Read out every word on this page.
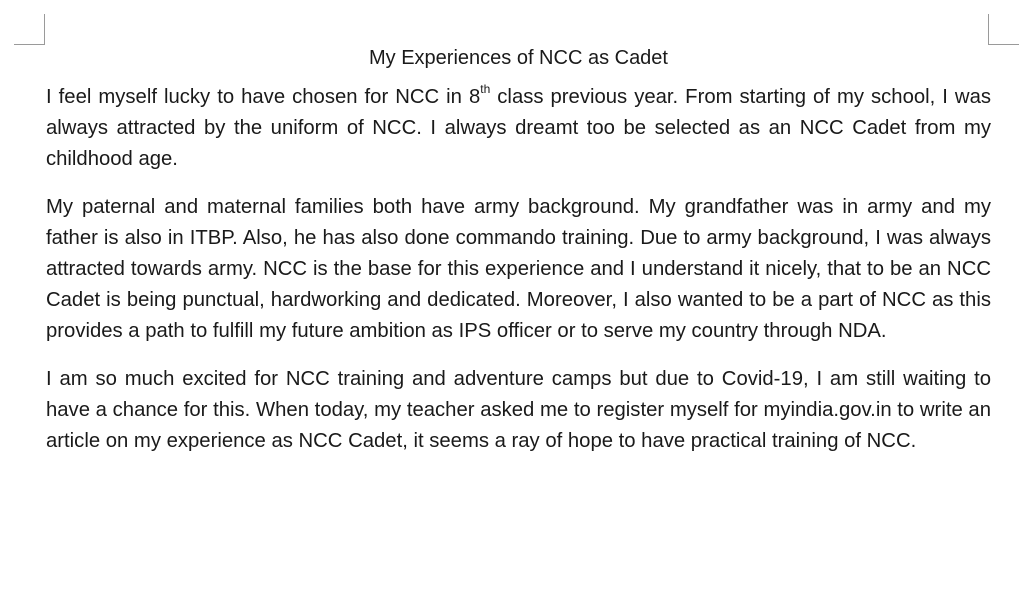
My Experiences of NCC as Cadet

I feel myself lucky to have chosen for NCC in 8th class previous year. From starting of my school, I was always attracted by the uniform of NCC. I always dreamt too be selected as an NCC Cadet from my childhood age.

My paternal and maternal families both have army background. My grandfather was in army and my father is also in ITBP. Also, he has also done commando training. Due to army background, I was always attracted towards army. NCC is the base for this experience and I understand it nicely, that to be an NCC Cadet is being punctual, hardworking and dedicated. Moreover, I also wanted to be a part of NCC as this provides a path to fulfill my future ambition as IPS officer or to serve my country through NDA.

I am so much excited for NCC training and adventure camps but due to Covid-19, I am still waiting to have a chance for this. When today, my teacher asked me to register myself for myindia.gov.in to write an article on my experience as NCC Cadet, it seems a ray of hope to have practical training of NCC.
